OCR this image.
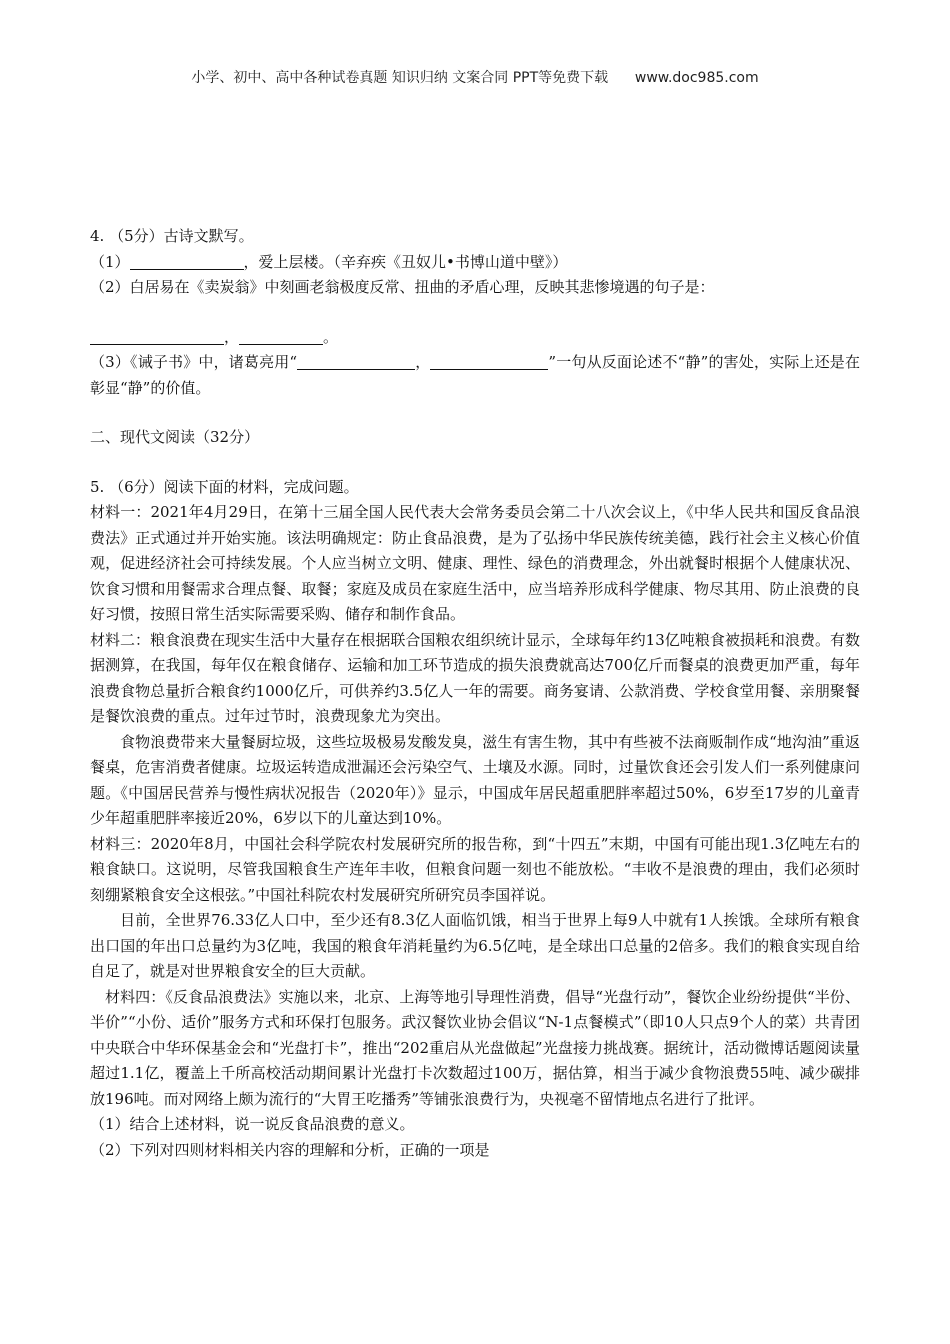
小学、初中、高中各种试卷真题 知识归纳 文案合同 PPT等免费下载 www.doc985.com

4. （5分）古诗文默写。

（1）	，爱上层楼。（辛弃疾《丑奴儿•书博山道中壁》）

（2）白居易在《卖炭翁》中刻画老翁极度反常、扭曲的矛盾心理，反映其悲惨境遇的句子是：

，	。

（3）《诫子书》中，诸葛亮用“	，	”一句从反面论述不“静”的害处，实际上还是在彰显“静”的价值。

二、现代文阅读（32分）

5. （6分）阅读下面的材料，完成问题。

材料一：2021年4月29日，在第十三届全国人民代表大会常务委员会第二十八次会议上，《中华人民共和国反食品浪费法》正式通过并开始实施。该法明确规定：防止食品浪费，是为了弘扬中华民族传统美德，践行社会主义核心价值观，促进经济社会可持续发展。个人应当树立文明、健康、理性、绿色的消费理念，外出就餐时根据个人健康状况、饮食习惯和用餐需求合理点餐、取餐；家庭及成员在家庭生活中，应当培养形成科学健康、物尽其用、防止浪费的良好习惯，按照日常生活实际需要采购、储存和制作食品。

材料二：粮食浪费在现实生活中大量存在根据联合国粮农组织统计显示，全球每年约13亿吨粮食被损耗和浪费。有数据测算，在我国，每年仅在粮食储存、运输和加工环节造成的损失浪费就高达700亿斤而餐桌的浪费更加严重，每年浪费食物总量折合粮食约1000亿斤，可供养约3.5亿人一年的需要。商务宴请、公款消费、学校食堂用餐、亲朋聚餐是餐饮浪费的重点。过年过节时，浪费现象尤为突出。

食物浪费带来大量餐厨垃圾，这些垃圾极易发酸发臭，滋生有害生物，其中有些被不法商贩制作成“地沟油”重返餐桌，危害消费者健康。垃圾运转造成泄漏还会污染空气、土壤及水源。同时，过量饮食还会引发人们一系列健康问题。《中国居民营养与慢性病状况报告（2020年）》显示，中国成年居民超重肥胖率超过50%，6岁至17岁的儿童青少年超重肥胖率接近20%，6岁以下的儿童达到10%。

材料三：2020年8月，中国社会科学院农村发展研究所的报告称，到“十四五”末期，中国有可能出现1.3亿吨左右的粮食缺口。这说明，尽管我国粮食生产连年丰收，但粮食问题一刻也不能放松。“丰收不是浪费的理由，我们必须时刻绷紧粮食安全这根弦。”中国社科院农村发展研究所研究员李国祥说。

目前，全世界76.33亿人口中，至少还有8.3亿人面临饥饿，相当于世界上每9人中就有1人挨饿。全球所有粮食出口国的年出口总量约为3亿吨，我国的粮食年消耗量约为6.5亿吨，是全球出口总量的2倍多。我们的粮食实现自给自足了，就是对世界粮食安全的巨大贡献。

材料四：《反食品浪费法》实施以来，北京、上海等地引导理性消费，倡导“光盘行动”，餐饮企业纷纷提供“半份、半价”“小份、适价”服务方式和环保打包服务。武汉餐饮业协会倡议“N-1点餐模式”（即10人只点9个人的菜）共青团中央联合中华环保基金会和“光盘打卡”，推出“202重启从光盘做起”光盘接力挑战赛。据统计，活动微博话题阅读量超过1.1亿，覆盖上千所高校活动期间累计光盘打卡次数超过100万，据估算，相当于减少食物浪费55吨、减少碳排放196吨。而对网络上颇为流行的“大胃王吃播秀”等铺张浪费行为，央视毫不留情地点名进行了批评。

（1）结合上述材料，说一说反食品浪费的意义。

（2）下列对四则材料相关内容的理解和分析，正确的一项是
